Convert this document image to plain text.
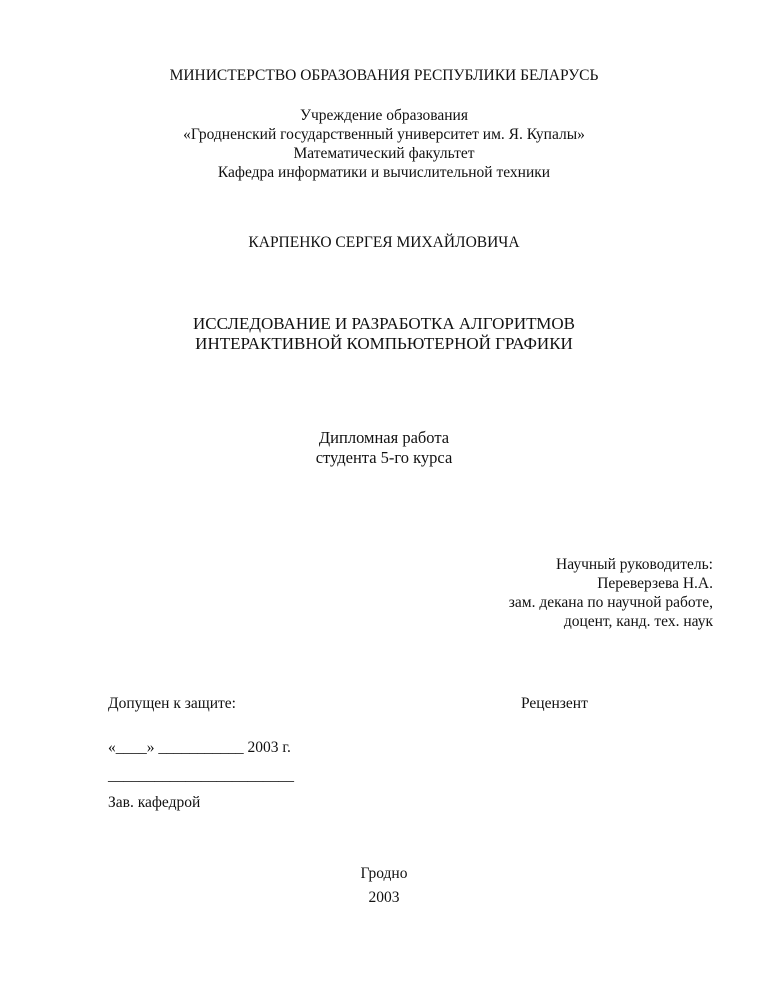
МИНИСТЕРСТВО ОБРАЗОВАНИЯ РЕСПУБЛИКИ БЕЛАРУСЬ
Учреждение образования
«Гродненский государственный университет им. Я. Купалы»
Математический факультет
Кафедра информатики и вычислительной техники
КАРПЕНКО СЕРГЕЯ МИХАЙЛОВИЧА
ИССЛЕДОВАНИЕ И РАЗРАБОТКА АЛГОРИТМОВ
ИНТЕРАКТИВНОЙ КОМПЬЮТЕРНОЙ ГРАФИКИ
Дипломная работа
студента 5-го курса
Научный руководитель:
Переверзева Н.А.
зам. декана по научной работе,
доцент, канд. тех. наук
Допущен к защите:	Рецензент
«____» ___________ 2003 г.
________________________
Зав. кафедрой
Гродно
2003
